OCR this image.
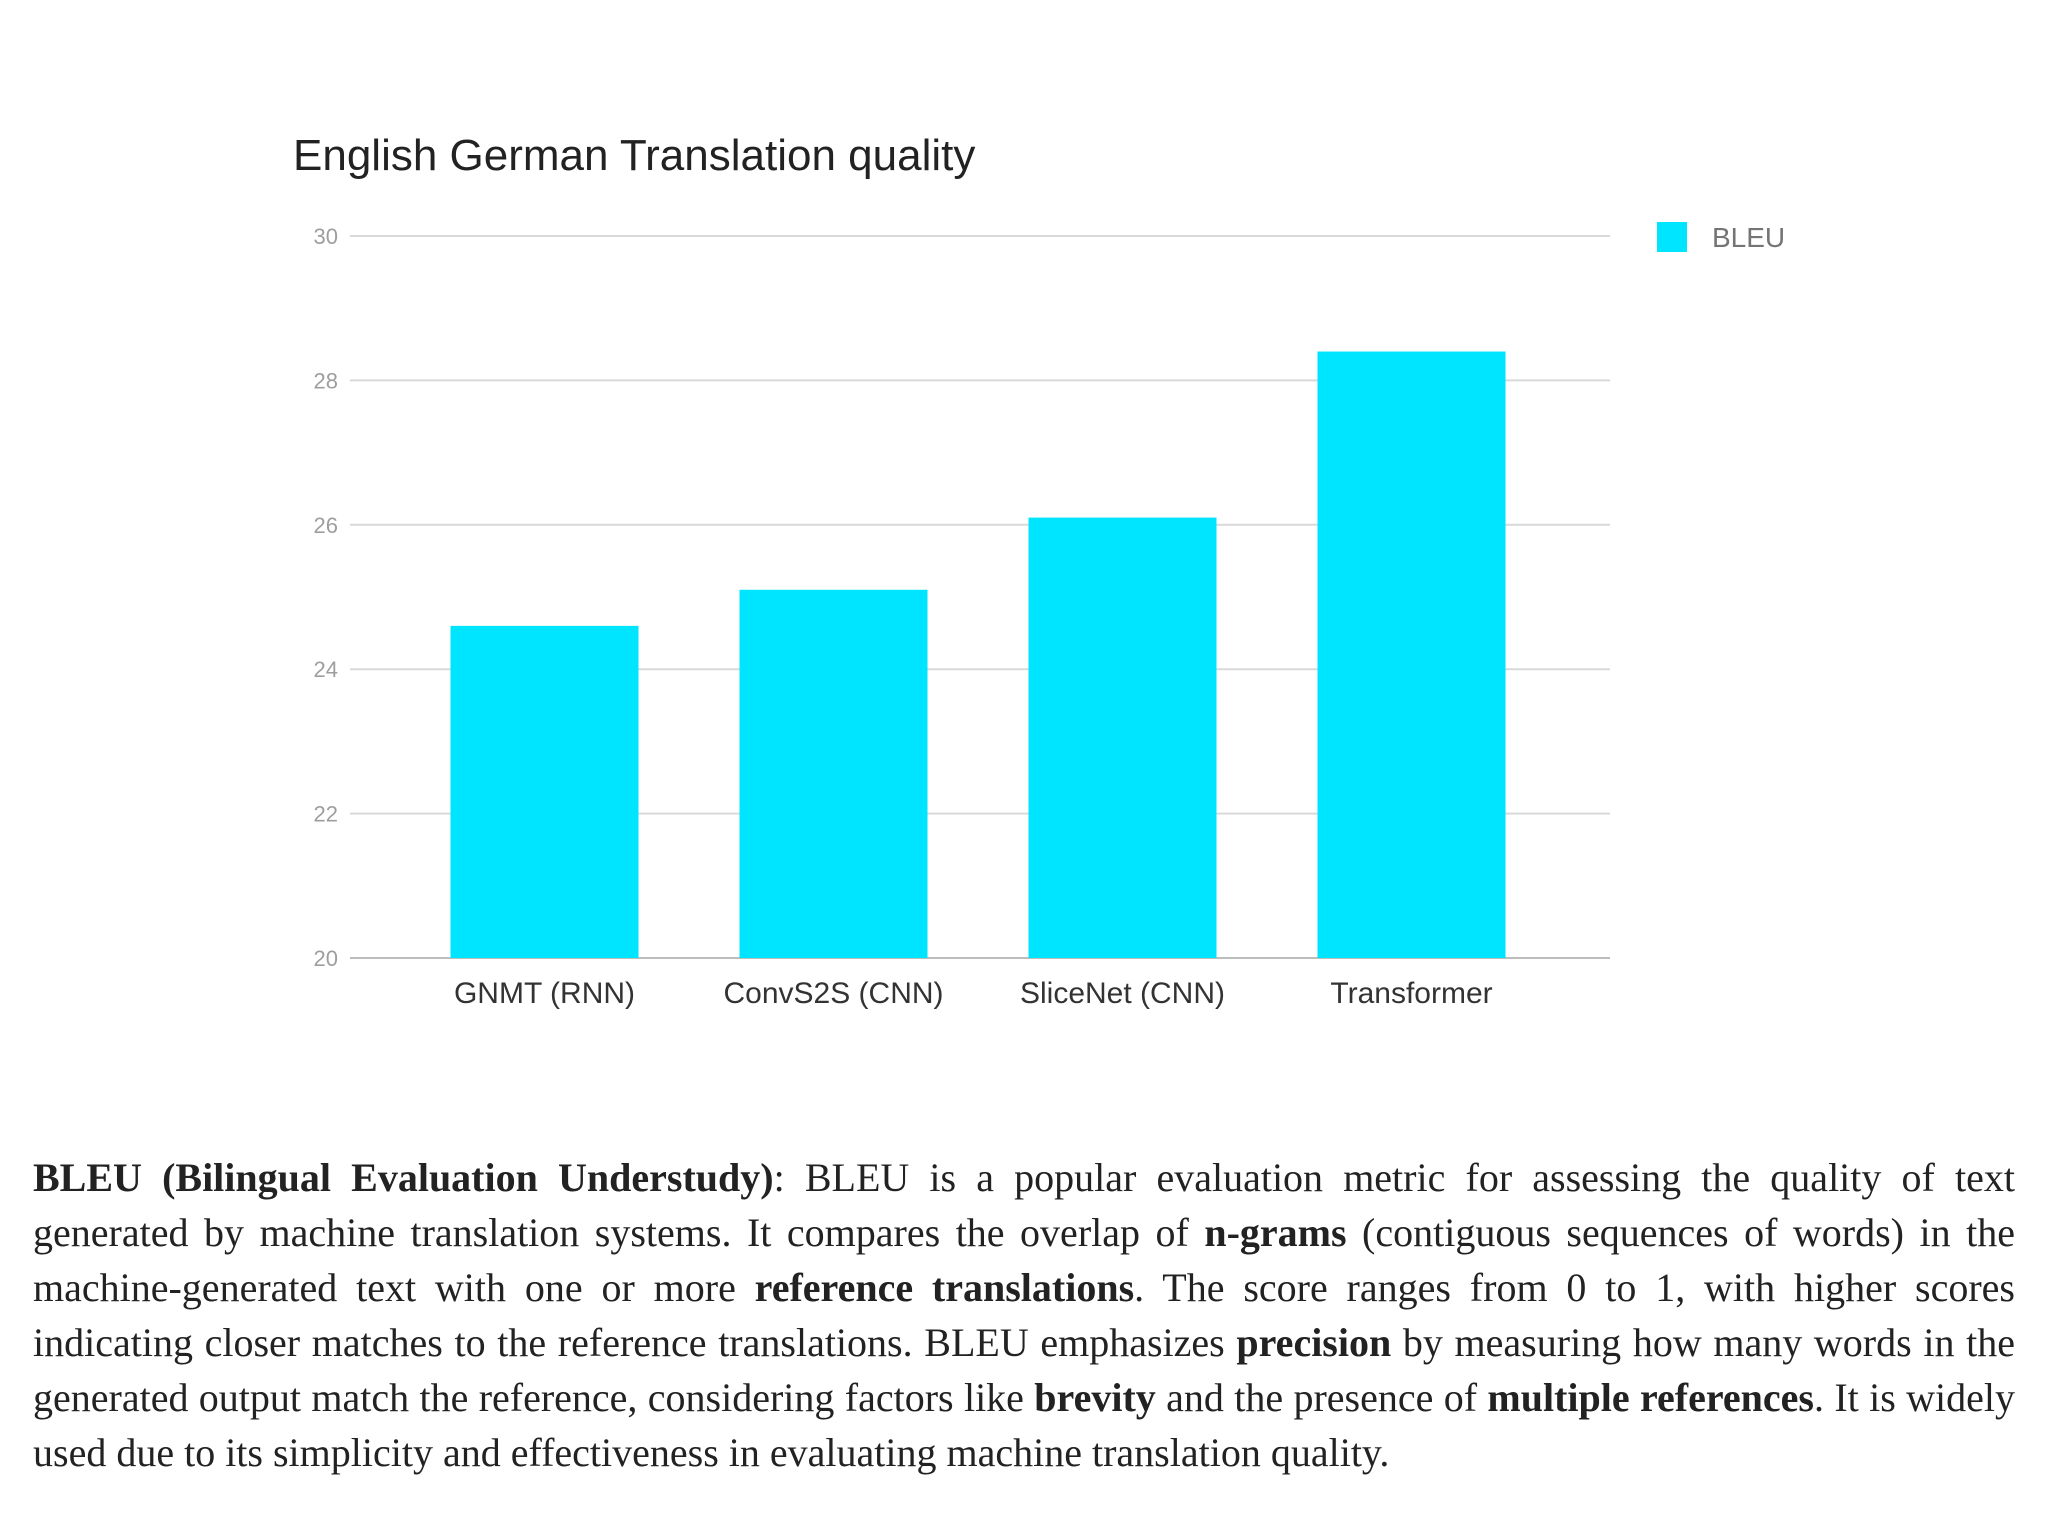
English German Translation quality
20
22
24
26
28
30
GNMT (RNN)	ConvS2S (CNN)	SliceNet (CNN)	Transformer
BLEU

BLEU (Bilingual Evaluation Understudy): BLEU is a popular evaluation metric for assessing the quality of text generated by machine translation systems. It compares the overlap of n-grams (contiguous sequences of words) in the machine-generated text with one or more reference translations. The score ranges from 0 to 1, with higher scores indicating closer matches to the reference translations. BLEU emphasizes precision by measuring how many words in the generated output match the reference, considering factors like brevity and the presence of multiple references. It is widely used due to its simplicity and effectiveness in evaluating machine translation quality.
